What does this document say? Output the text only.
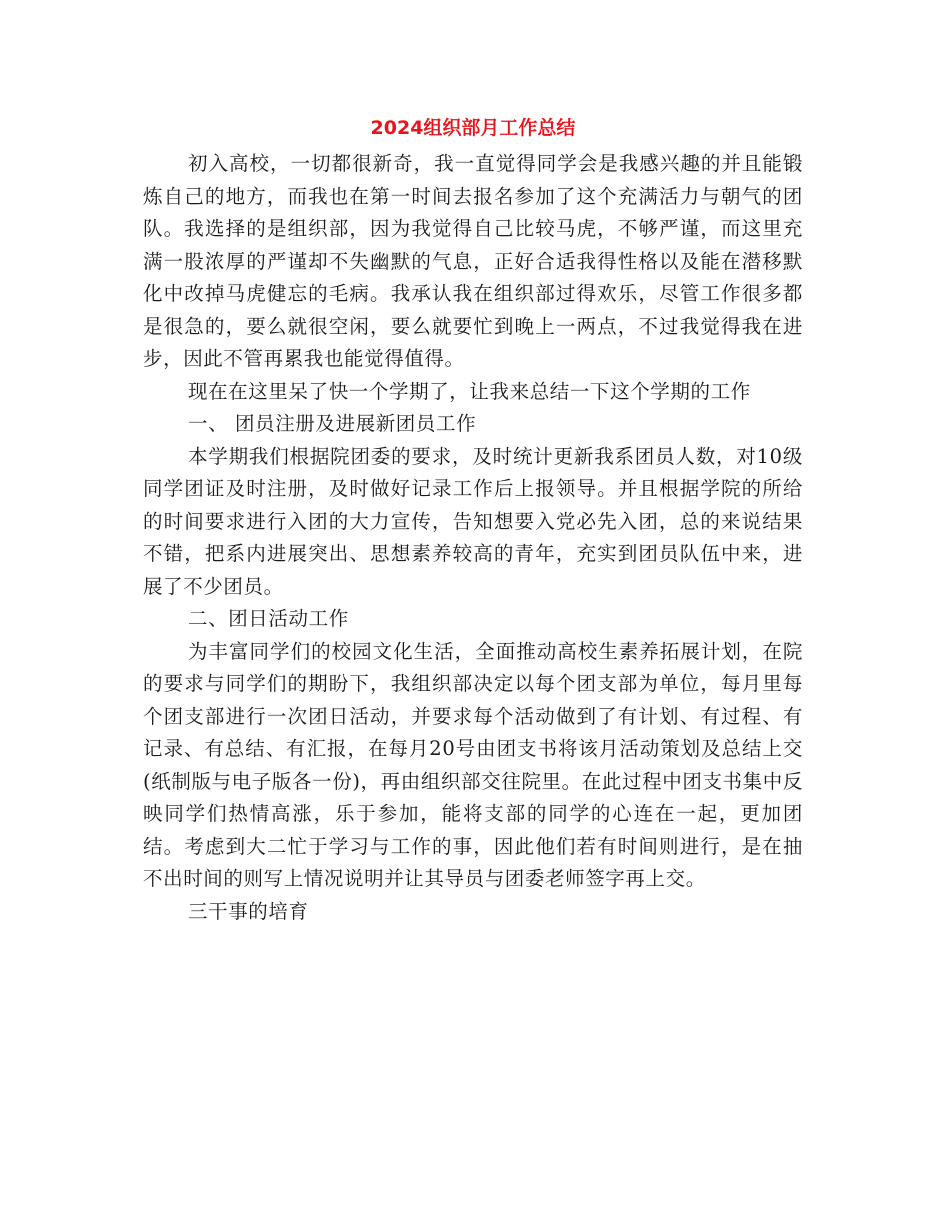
2024组织部月工作总结

初入高校，一切都很新奇，我一直觉得同学会是我感兴趣的并且能锻炼自己的地方，而我也在第一时间去报名参加了这个充满活力与朝气的团队。我选择的是组织部，因为我觉得自己比较马虎，不够严谨，而这里充满一股浓厚的严谨却不失幽默的气息，正好合适我得性格以及能在潜移默化中改掉马虎健忘的毛病。我承认我在组织部过得欢乐，尽管工作很多都是很急的，要么就很空闲，要么就要忙到晚上一两点，不过我觉得我在进步，因此不管再累我也能觉得值得。

现在在这里呆了快一个学期了，让我来总结一下这个学期的工作

一、 团员注册及进展新团员工作

本学期我们根据院团委的要求，及时统计更新我系团员人数，对10级同学团证及时注册，及时做好记录工作后上报领导。并且根据学院的所给的时间要求进行入团的大力宣传，告知想要入党必先入团，总的来说结果不错，把系内进展突出、思想素养较高的青年，充实到团员队伍中来，进展了不少团员。

二、团日活动工作

为丰富同学们的校园文化生活，全面推动高校生素养拓展计划，在院的要求与同学们的期盼下，我组织部决定以每个团支部为单位，每月里每个团支部进行一次团日活动，并要求每个活动做到了有计划、有过程、有记录、有总结、有汇报，在每月20号由团支书将该月活动策划及总结上交(纸制版与电子版各一份)，再由组织部交往院里。在此过程中团支书集中反映同学们热情高涨，乐于参加，能将支部的同学的心连在一起，更加团结。考虑到大二忙于学习与工作的事，因此他们若有时间则进行，是在抽不出时间的则写上情况说明并让其导员与团委老师签字再上交。

三干事的培育
